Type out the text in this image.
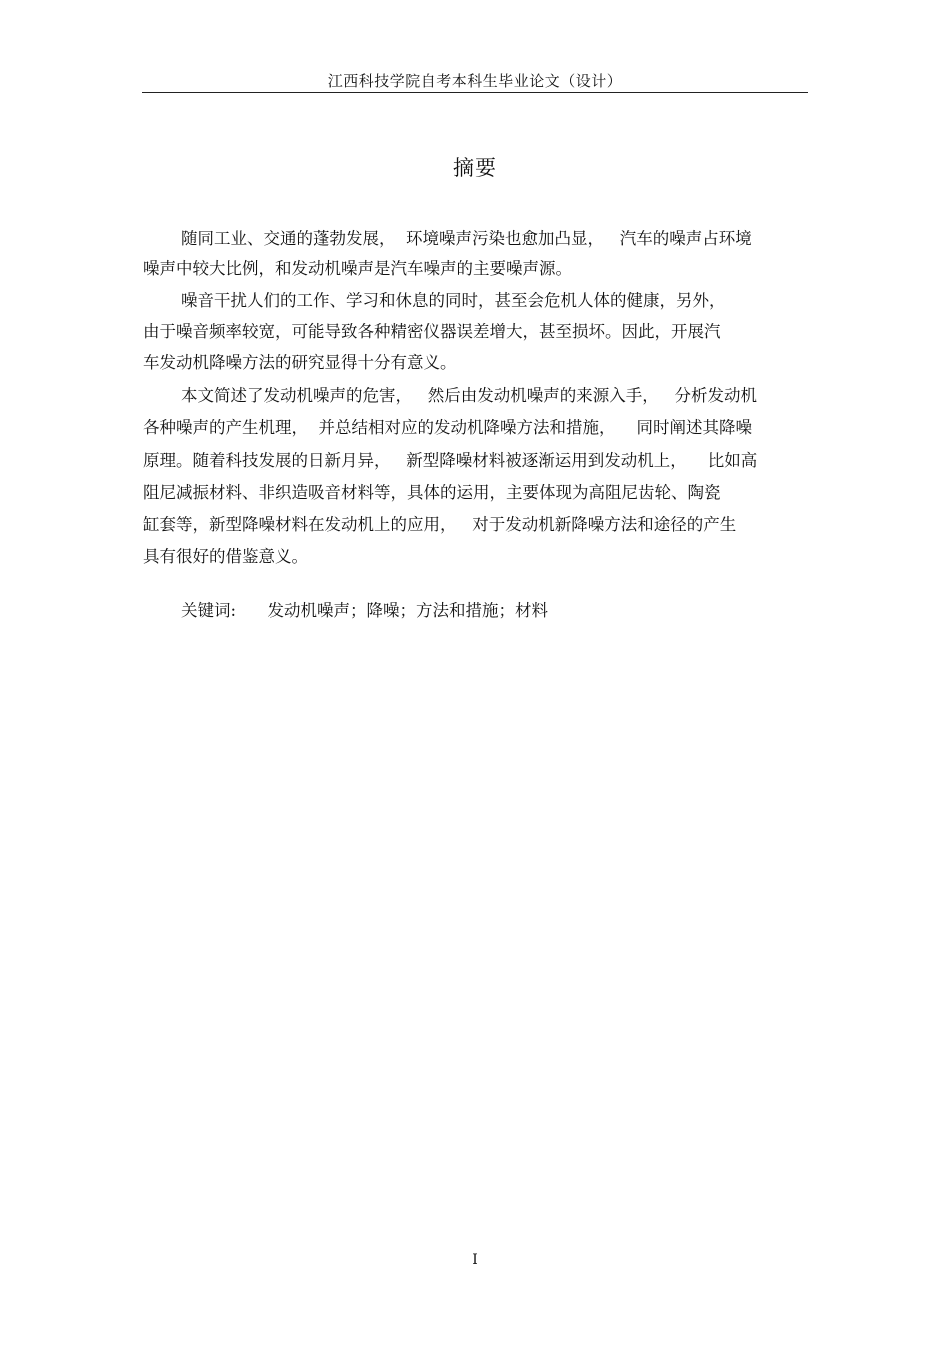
江西科技学院自考本科生毕业论文（设计）
摘要

随同工业、交通的蓬勃发展，  环境噪声污染也愈加凸显，   汽车的噪声占环境

噪声中较大比例，和发动机噪声是汽车噪声的主要噪声源。

噪音干扰人们的工作、学习和休息的同时，甚至会危机人体的健康，另外，

由于噪音频率较宽，可能导致各种精密仪器误差增大，甚至损坏。因此，开展汽

车发动机降噪方法的研究显得十分有意义。

本文简述了发动机噪声的危害，   然后由发动机噪声的来源入手，   分析发动机

各种噪声的产生机理，  并总结相对应的发动机降噪方法和措施，    同时阐述其降噪

原理。随着科技发展的日新月异，   新型降噪材料被逐渐运用到发动机上，    比如高

阻尼减振材料、非织造吸音材料等，具体的运用，主要体现为高阻尼齿轮、陶瓷

缸套等，新型降噪材料在发动机上的应用，   对于发动机新降噪方法和途径的产生

具有很好的借鉴意义。

关键词:      发动机噪声；降噪；方法和措施；材料
I
